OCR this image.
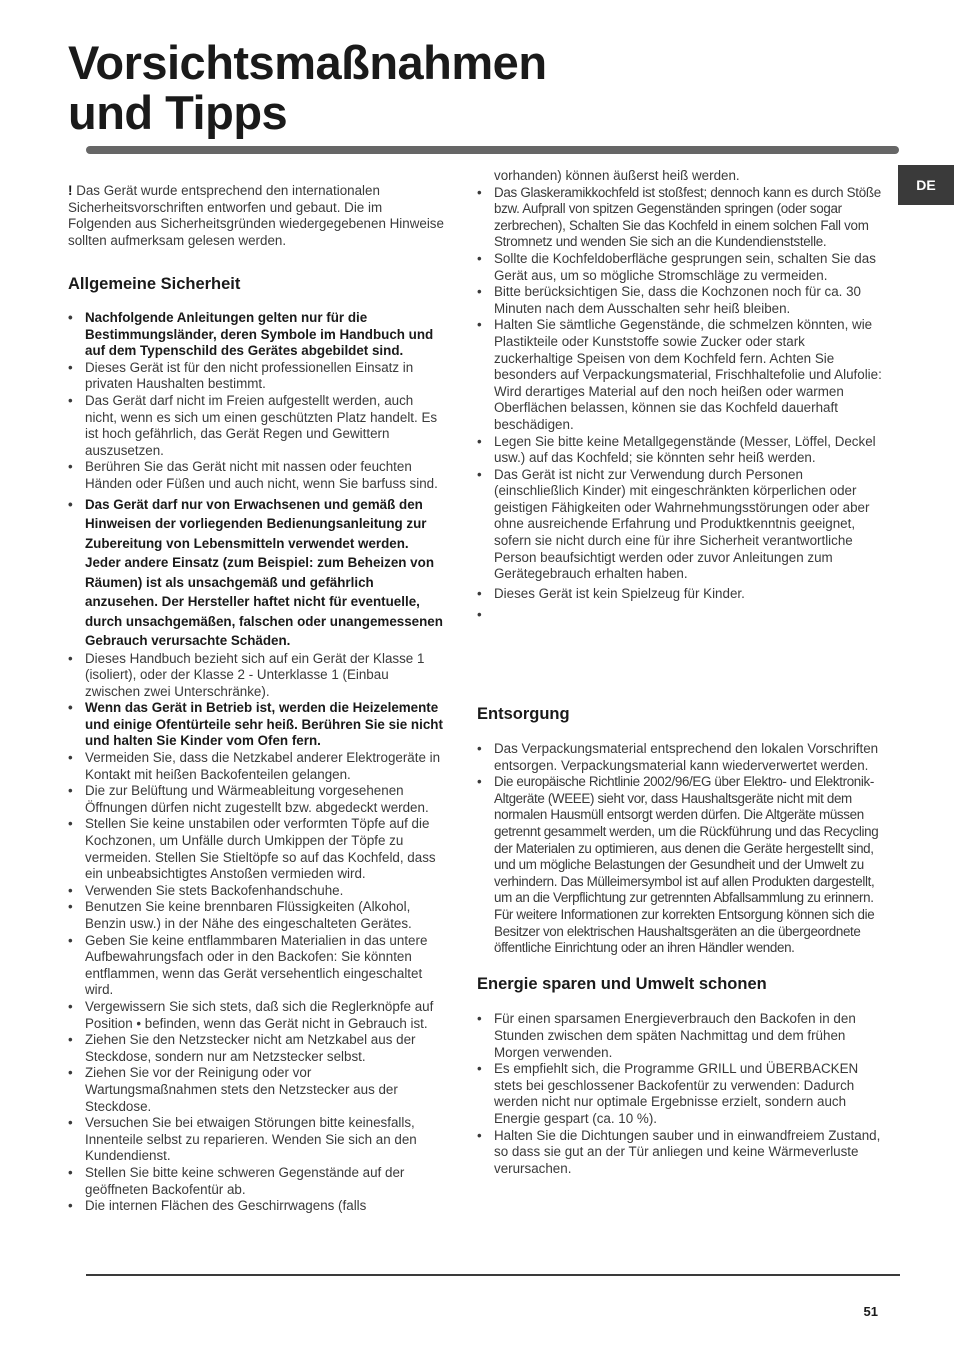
Vorsichtsmaßnahmen
und Tipps
DE

! Das Gerät wurde entsprechend den internationalen Sicherheitsvorschriften entworfen und gebaut. Die im Folgenden aus Sicherheitsgründen wiedergegebenen Hinweise sollten aufmerksam gelesen werden.

Allgemeine Sicherheit
• Nachfolgende Anleitungen gelten nur für die Bestimmungsländer, deren Symbole im Handbuch und auf dem Typenschild des Gerätes abgebildet sind.
• Dieses Gerät ist für den nicht professionellen Einsatz in privaten Haushalten bestimmt.
• Das Gerät darf nicht im Freien aufgestellt werden, auch nicht, wenn es sich um einen geschützten Platz handelt. Es ist hoch gefährlich, das Gerät Regen und Gewittern auszusetzen.
• Berühren Sie das Gerät nicht mit nassen oder feuchten Händen oder Füßen und auch nicht, wenn Sie barfuss sind.
• Das Gerät darf nur von Erwachsenen und gemäß den Hinweisen der vorliegenden Bedienungsanleitung zur Zubereitung von Lebensmitteln verwendet werden. Jeder andere Einsatz (zum Beispiel: zum Beheizen von Räumen) ist als unsachgemäß und gefährlich anzusehen. Der Hersteller haftet nicht für eventuelle, durch unsachgemäßen, falschen oder unangemessenen Gebrauch verursachte Schäden.
• Dieses Handbuch bezieht sich auf ein Gerät der Klasse 1 (isoliert), oder der Klasse 2 - Unterklasse 1 (Einbau zwischen zwei Unterschränke).
• Wenn das Gerät in Betrieb ist, werden die Heizelemente und einige Ofentürteile sehr heiß. Berühren Sie sie nicht und halten Sie Kinder vom Ofen fern.
• Vermeiden Sie, dass die Netzkabel anderer Elektrogeräte in Kontakt mit heißen Backofenteilen gelangen.
• Die zur Belüftung und Wärmeableitung vorgesehenen Öffnungen dürfen nicht zugestellt bzw. abgedeckt werden.
• Stellen Sie keine unstabilen oder verformten Töpfe auf die Kochzonen, um Unfälle durch Umkippen der Töpfe zu vermeiden. Stellen Sie Stieltöpfe so auf das Kochfeld, dass ein unbeabsichtigtes Anstoßen vermieden wird.
• Verwenden Sie stets Backofenhandschuhe.
• Benutzen Sie keine brennbaren Flüssigkeiten (Alkohol, Benzin usw.) in der Nähe des eingeschalteten Gerätes.
• Geben Sie keine entflammbaren Materialien in das untere Aufbewahrungsfach oder in den Backofen: Sie könnten entflammen, wenn das Gerät versehentlich eingeschaltet wird.
• Vergewissern Sie sich stets, daß sich die Reglerknöpfe auf Position • befinden, wenn das Gerät nicht in Gebrauch ist.
• Ziehen Sie den Netzstecker nicht am Netzkabel aus der Steckdose, sondern nur am Netzstecker selbst.
• Ziehen Sie vor der Reinigung oder vor Wartungsmaßnahmen stets den Netzstecker aus der Steckdose.
• Versuchen Sie bei etwaigen Störungen bitte keinesfalls, Innenteile selbst zu reparieren. Wenden Sie sich an den Kundendienst.
• Stellen Sie bitte keine schweren Gegenstände auf der geöffneten Backofentür ab.
• Die internen Flächen des Geschirrwagens (falls

vorhanden) können äußerst heiß werden.

• Das Glaskeramikkochfeld ist stoßfest; dennoch kann es durch Stöße bzw. Aufprall von spitzen Gegenständen springen (oder sogar zerbrechen), Schalten Sie das Kochfeld in einem solchen Fall vom Stromnetz und wenden Sie sich an die Kundendienststelle.
• Sollte die Kochfeldoberfläche gesprungen sein, schalten Sie das Gerät aus, um so mögliche Stromschläge zu vermeiden.
• Bitte berücksichtigen Sie, dass die Kochzonen noch für ca. 30 Minuten nach dem Ausschalten sehr heiß bleiben.
• Halten Sie sämtliche Gegenstände, die schmelzen könnten, wie Plastikteile oder Kunststoffe sowie Zucker oder stark zuckerhaltige Speisen von dem Kochfeld fern. Achten Sie besonders auf Verpackungsmaterial, Frischhaltefolie und Alufolie: Wird derartiges Material auf den noch heißen oder warmen Oberflächen belassen, können sie das Kochfeld dauerhaft beschädigen.
• Legen Sie bitte keine Metallgegenstände (Messer, Löffel, Deckel usw.) auf das Kochfeld; sie könnten sehr heiß werden.
• Das Gerät ist nicht zur Verwendung durch Personen (einschließlich Kinder) mit eingeschränkten körperlichen oder geistigen Fähigkeiten oder Wahrnehmungsstörungen oder aber ohne ausreichende Erfahrung und Produktkenntnis geeignet, sofern sie nicht durch eine für ihre Sicherheit verantwortliche Person beaufsichtigt werden oder zuvor Anleitungen zum Gerätegebrauch erhalten haben.
• Dieses Gerät ist kein Spielzeug für Kinder.
•
Entsorgung
• Das Verpackungsmaterial entsprechend den lokalen Vorschriften entsorgen. Verpackungsmaterial kann wiederverwertet werden.
• Die europäische Richtlinie 2002/96/EG über Elektro- und Elektronik-Altgeräte (WEEE) sieht vor, dass Haushaltsgeräte nicht mit dem normalen Hausmüll entsorgt werden dürfen. Die Altgeräte müssen getrennt gesammelt werden, um die Rückführung und das Recycling der Materialen zu optimieren, aus denen die Geräte hergestellt sind, und um mögliche Belastungen der Gesundheit und der Umwelt zu verhindern. Das Mülleimersymbol ist auf allen Produkten dargestellt, um an die Verpflichtung zur getrennten Abfallsammlung zu erinnern.            Für weitere Informationen zur korrekten Entsorgung können sich die Besitzer von elektrischen Haushaltsgeräten an die übergeordnete öffentliche Einrichtung oder an ihren Händler wenden.
Energie sparen und Umwelt schonen
• Für einen sparsamen Energieverbrauch den Backofen in den Stunden zwischen dem späten Nachmittag und dem frühen Morgen verwenden.
• Es empfiehlt sich, die Programme GRILL und ÜBERBACKEN stets bei geschlossener Backofentür zu verwenden: Dadurch werden nicht nur optimale Ergebnisse erzielt, sondern auch Energie gespart (ca. 10 %).
• Halten Sie die Dichtungen sauber und in einwandfreiem Zustand, so dass sie gut an der Tür anliegen und keine Wärmeverluste verursachen.
51
